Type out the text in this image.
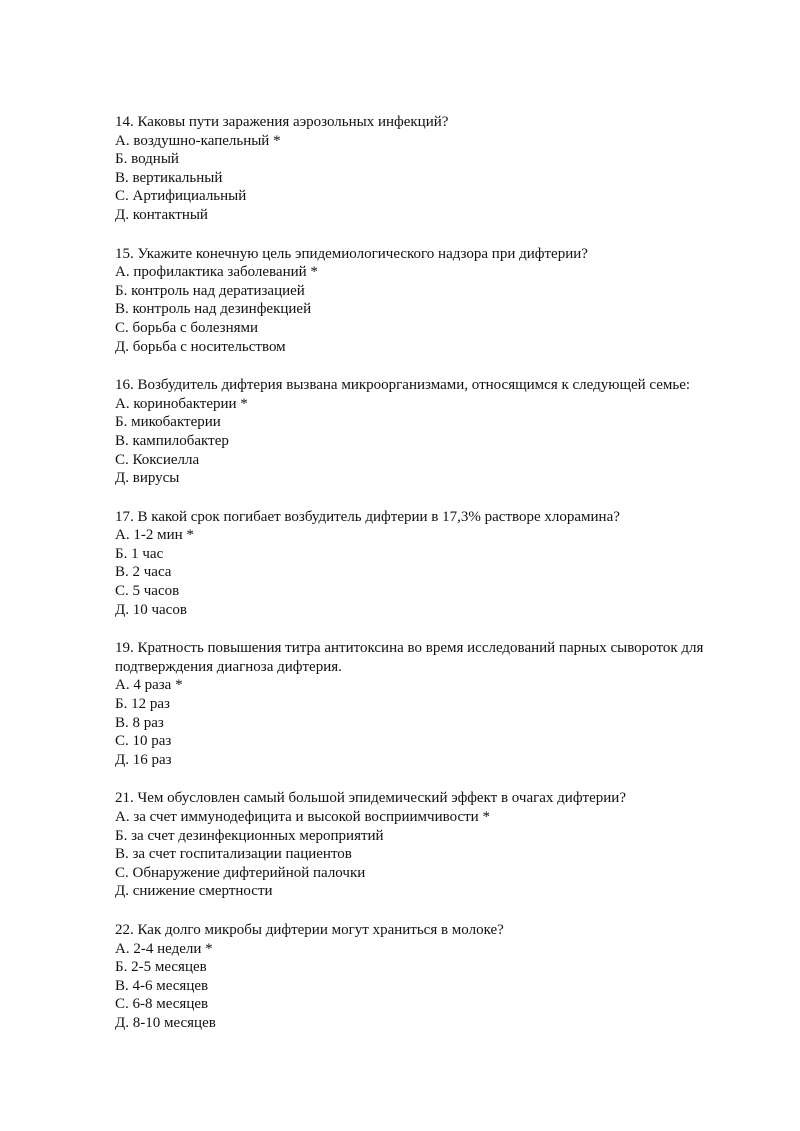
14. Каковы пути заражения аэрозольных инфекций?

А. воздушно-капельный *
Б. водный
В. вертикальный
С. Артифициальный
Д. контактный

15. Укажите конечную цель эпидемиологического надзора при дифтерии?

А. профилактика заболеваний *
Б. контроль над дератизацией
В. контроль над дезинфекцией
С. борьба с болезнями
Д. борьба с носительством

16. Возбудитель дифтерия вызвана микроорганизмами, относящимся к следующей семье:

А. коринобактерии *
Б. микобактерии
В. кампилобактер
С. Коксиелла
Д. вирусы

17. В какой срок погибает возбудитель дифтерии в 17,3% растворе хлорамина?

А. 1-2 мин *
Б. 1 час
В. 2 часа
С. 5 часов
Д. 10 часов

19. Кратность повышения титра антитоксина во время исследований парных сывороток для подтверждения диагноза дифтерия.

А. 4 раза *
Б. 12 раз
В. 8 раз
С. 10 раз
Д. 16 раз

21. Чем обусловлен самый большой эпидемический эффект в очагах дифтерии?

А. за счет иммунодефицита и высокой восприимчивости *
Б. за счет дезинфекционных мероприятий
В. за счет госпитализации пациентов
С. Обнаружение дифтерийной палочки
Д. снижение смертности

22. Как долго микробы дифтерии могут храниться в молоке?

А. 2-4 недели *
Б. 2-5 месяцев
В. 4-6 месяцев
С. 6-8 месяцев
Д. 8-10 месяцев
